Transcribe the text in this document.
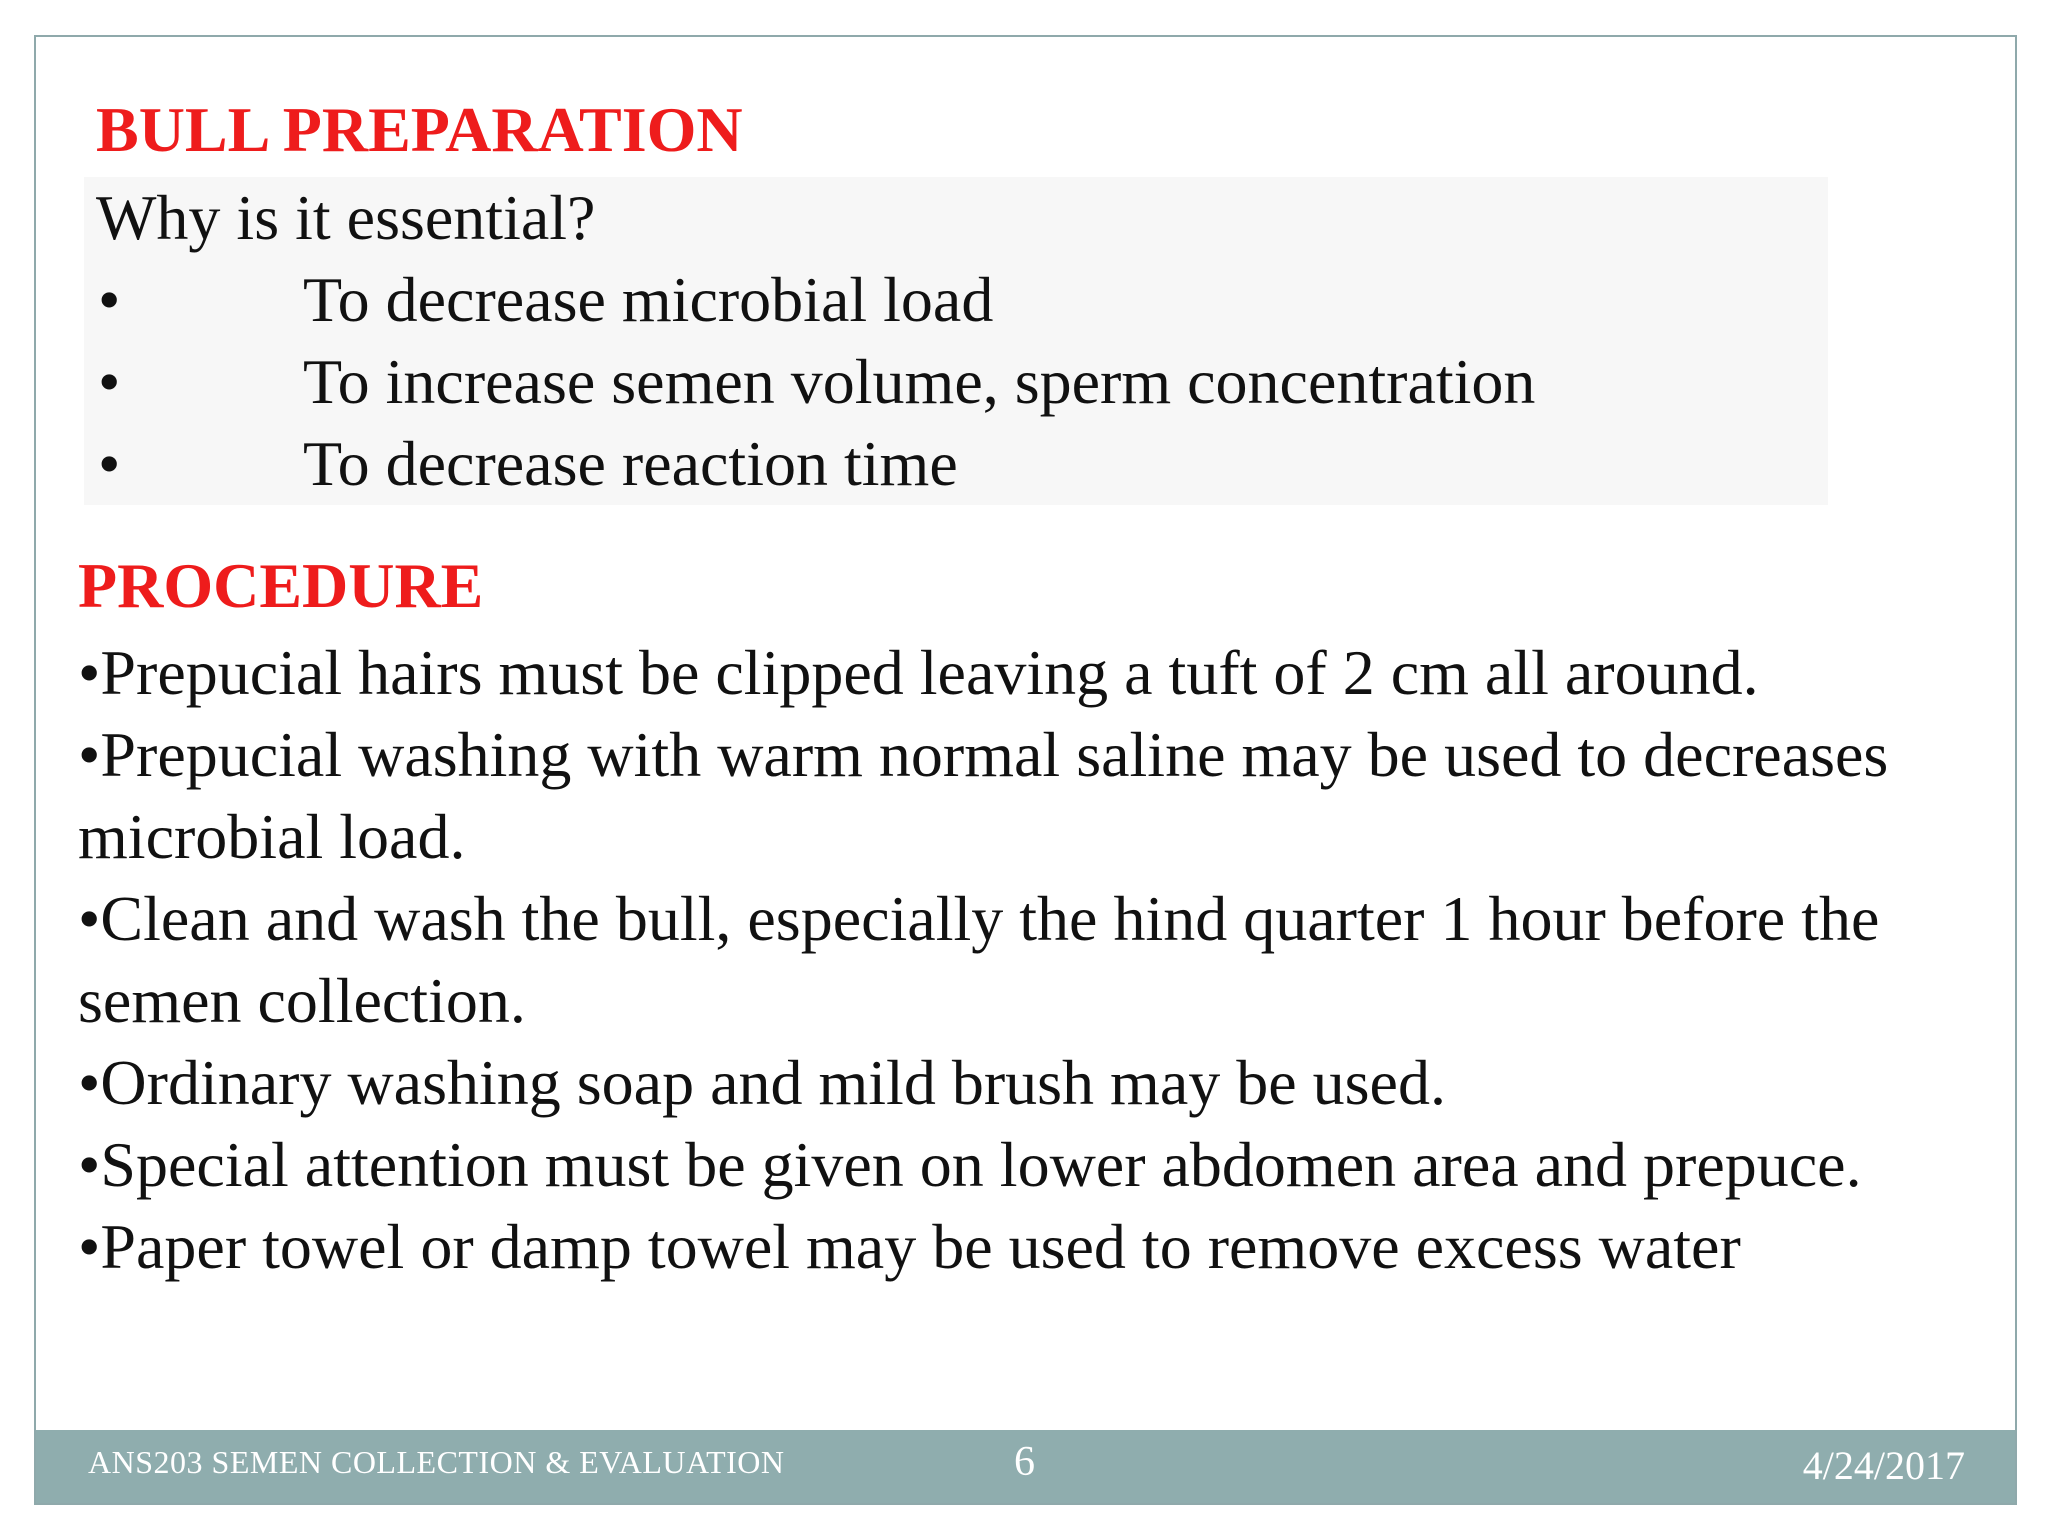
BULL PREPARATION

Why is it essential?

•	To decrease microbial load
•	To increase semen volume, sperm concentration
•	To decrease reaction time
PROCEDURE
•Prepucial hairs must be clipped leaving a tuft of 2 cm all around.
•Prepucial washing with warm normal saline may be used to decreases microbial load.
•Clean and wash the bull, especially the hind quarter 1 hour before the semen collection.
•Ordinary washing soap and mild brush may be used.
•Special attention must be given on lower abdomen area and prepuce.
•Paper towel or damp towel may be used to remove excess water
ANS203 SEMEN COLLECTION & EVALUATION	6	4/24/2017
